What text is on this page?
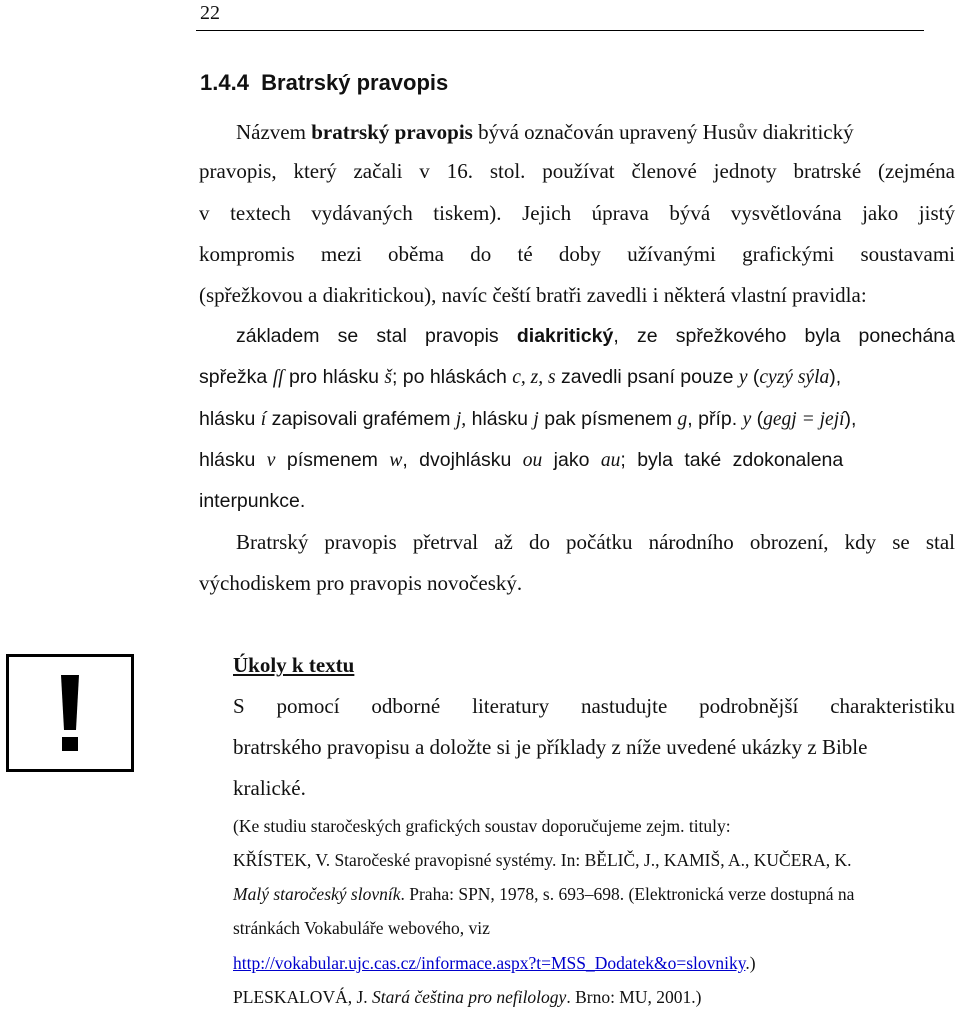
22
1.4.4 Bratrský pravopis
Názvem bratrský pravopis bývá označován upravený Husův diakritický
pravopis, který začali v 16. stol. používat členové jednoty bratrské (zejména
v textech vydávaných tiskem). Jejich úprava bývá vysvětlována jako jistý
kompromis mezi oběma do té doby užívanými grafickými soustavami
(spřežkovou a diakritickou), navíc čeští bratři zavedli i některá vlastní pravidla:
základem se stal pravopis diakritický, ze spřežkového byla ponechána
spřežka ſſ pro hlásku š; po hláskách c, z, s zavedli psaní pouze y (cyzý sýla),
hlásku í zapisovali grafémem j, hlásku j pak písmenem g, příp. y (gegj = její),
hlásku v písmenem w, dvojhlásku ou jako au; byla také zdokonalena
interpunkce.
Bratrský pravopis přetrval až do počátku národního obrození, kdy se stal
východiskem pro pravopis novočeský.
Úkoly k textu
S pomocí odborné literatury nastudujte podrobnější charakteristiku
bratrského pravopisu a doložte si je příklady z níže uvedené ukázky z Bible
kralické.
(Ke studiu staročeských grafických soustav doporučujeme zejm. tituly:
KŘÍSTEK, V. Staročeské pravopisné systémy. In: BĚLIČ, J., KAMIŠ, A., KUČERA, K.
Malý staročeský slovník. Praha: SPN, 1978, s. 693–698. (Elektronická verze dostupná na
stránkách Vokabuláře webového, viz
http://vokabular.ujc.cas.cz/informace.aspx?t=MSS_Dodatek&o=slovniky.)
PLESKALOVÁ, J. Stará čeština pro nefilology. Brno: MU, 2001.)
